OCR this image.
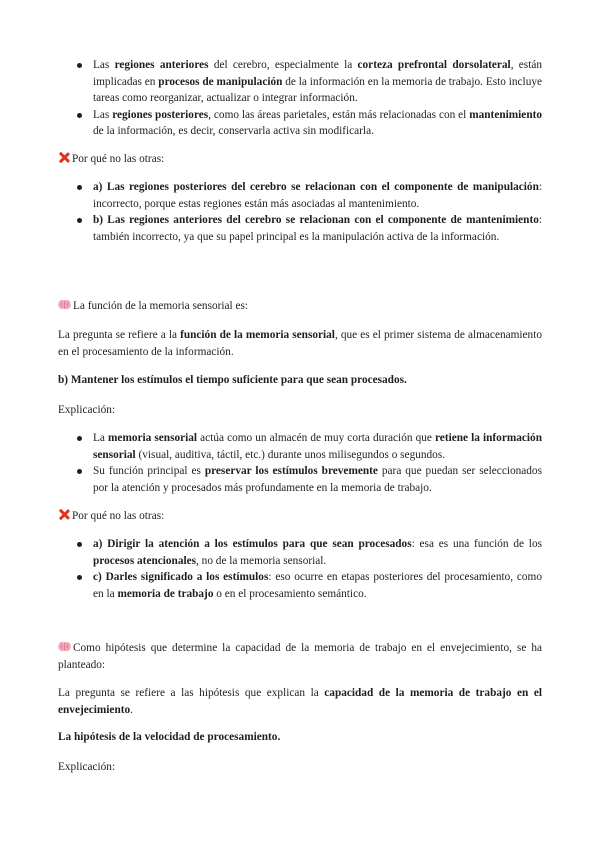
Las regiones anteriores del cerebro, especialmente la corteza prefrontal dorsolateral, están implicadas en procesos de manipulación de la información en la memoria de trabajo. Esto incluye tareas como reorganizar, actualizar o integrar información.
Las regiones posteriores, como las áreas parietales, están más relacionadas con el mantenimiento de la información, es decir, conservarla activa sin modificarla.

Por qué no las otras:

a) Las regiones posteriores del cerebro se relacionan con el componente de manipulación: incorrecto, porque estas regiones están más asociadas al mantenimiento.
b) Las regiones anteriores del cerebro se relacionan con el componente de mantenimiento: también incorrecto, ya que su papel principal es la manipulación activa de la información.

La función de la memoria sensorial es:

La pregunta se refiere a la función de la memoria sensorial, que es el primer sistema de almacenamiento en el procesamiento de la información.

b) Mantener los estímulos el tiempo suficiente para que sean procesados.

Explicación:

La memoria sensorial actúa como un almacén de muy corta duración que retiene la información sensorial (visual, auditiva, táctil, etc.) durante unos milisegundos o segundos.
Su función principal es preservar los estímulos brevemente para que puedan ser seleccionados por la atención y procesados más profundamente en la memoria de trabajo.

Por qué no las otras:

a) Dirigir la atención a los estímulos para que sean procesados: esa es una función de los procesos atencionales, no de la memoria sensorial.
c) Darles significado a los estímulos: eso ocurre en etapas posteriores del procesamiento, como en la memoria de trabajo o en el procesamiento semántico.

Como hipótesis que determine la capacidad de la memoria de trabajo en el envejecimiento, se ha planteado:

La pregunta se refiere a las hipótesis que explican la capacidad de la memoria de trabajo en el envejecimiento.

La hipótesis de la velocidad de procesamiento.

Explicación:
